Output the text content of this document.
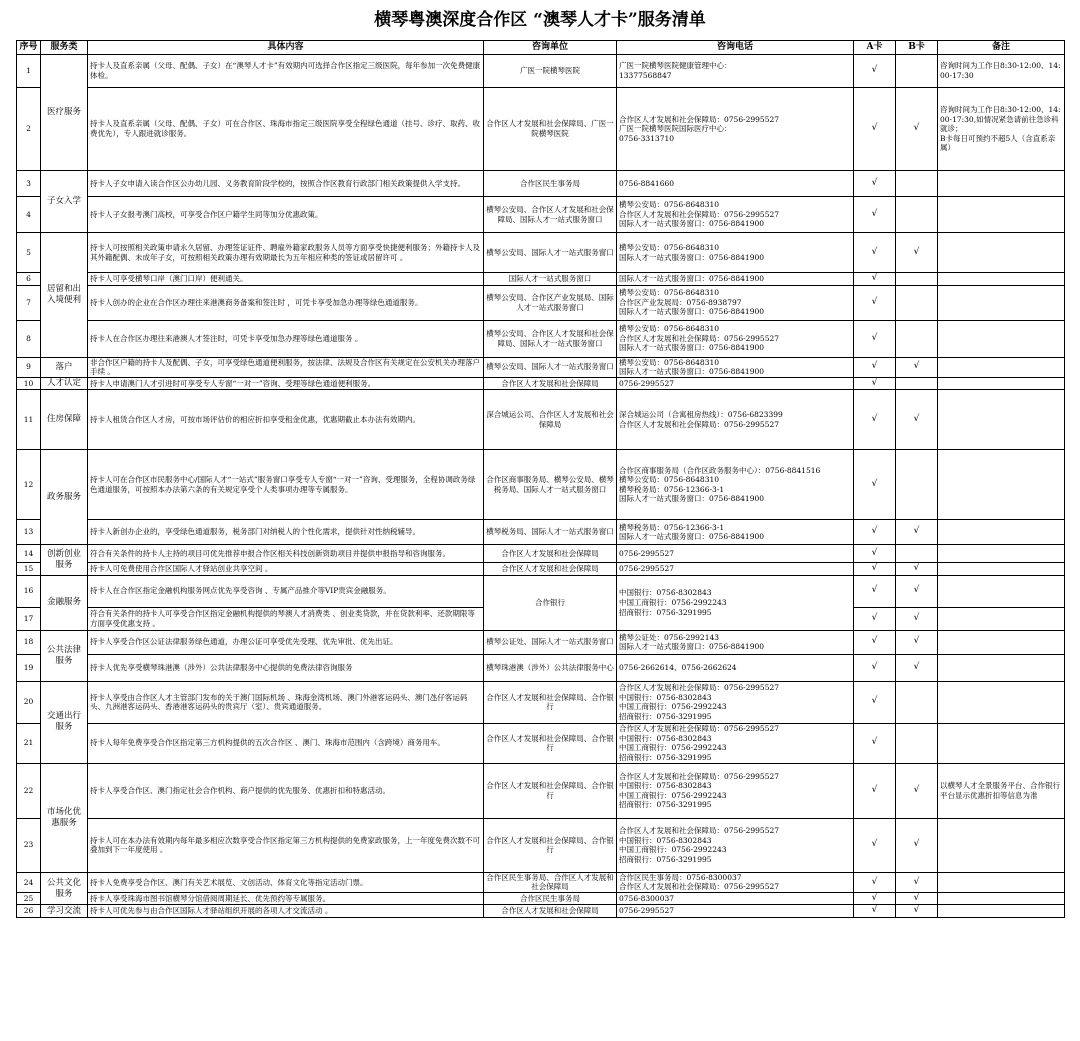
横琴粤澳深度合作区 “澳琴人才卡”服务清单
序号	服务类	具体内容	咨询单位	咨询电话	A卡	B卡	备注
1	医疗服务	持卡人及直系亲属（父母、配偶、子女）在“澳琴人才卡”有效期内可选择合作区指定三级医院，每年参加一次免费健康体检。	广医一院横琴医院	广医一院横琴医院健康管理中心：
13377568847	√		咨询时间为工作日8:30-12:00、14:00-17:30
2		持卡人及直系亲属（父母、配偶、子女）可在合作区、珠海市指定三级医院享受全程绿色通道（挂号、诊疗、取药、收费优先），专人跟进就诊服务。	合作区人才发展和社会保障局、广医一院横琴医院	合作区人才发展和社会保障局：0756-2995527
广医一院横琴医院国际医疗中心：
0756-3313710	√	√	咨询时间为工作日8:30-12:00、14:00-17:30,如情况紧急请前往急诊科就诊；
B卡每日可预约不超5人（含直系亲属）
3	子女入学	持卡人子女申请入读合作区公办幼儿园、义务教育阶段学校的，按照合作区教育行政部门相关政策提供入学支持。	合作区民生事务局	0756-8841660	√		
4		持卡人子女报考澳门高校，可享受合作区户籍学生同等加分优惠政策。	横琴公安局、合作区人才发展和社会保障局、国际人才一站式服务窗口	横琴公安局：0756-8648310
合作区人才发展和社会保障局：0756-2995527
国际人才一站式服务窗口：0756-8841900	√		
5	居留和出入境便利	持卡人可按照相关政策申请永久居留、办理签证证件、聘雇外籍家政服务人员等方面享受快捷便利服务；外籍持卡人及其外籍配偶、未成年子女，可按照相关政策办理有效期最长为五年相应种类的签证或居留许可 。	横琴公安局、国际人才一站式服务窗口	横琴公安局：0756-8648310
国际人才一站式服务窗口：0756-8841900	√	√	
6		持卡人可享受横琴口岸（澳门口岸）便利通关。	国际人才一站式服务窗口	国际人才一站式服务窗口：0756-8841900	√		
7		持卡人创办的企业在合作区办理往来港澳商务备案和签注时 ，可凭卡享受加急办理等绿色通道服务。	横琴公安局、合作区产业发展局、国际人才一站式服务窗口	横琴公安局：0756-8648310
合作区产业发展局：0756-8938797
国际人才一站式服务窗口：0756-8841900	√		
8		持卡人在合作区办理往来港澳人才签注时，可凭卡享受加急办理等绿色通道服务 。	横琴公安局、合作区人才发展和社会保障局、国际人才一站式服务窗口	横琴公安局：0756-8648310
合作区人才发展和社会保障局：0756-2995527
国际人才一站式服务窗口：0756-8841900	√		
9	落户	非合作区户籍的持卡人及配偶、子女，可享受绿色通道便利服务，按法律、法规及合作区有关规定在公安机关办理落户手续 。	横琴公安局、国际人才一站式服务窗口	横琴公安局：0756-8648310
国际人才一站式服务窗口：0756-8841900	√	√	
10	人才认定	持卡人申请澳门人才引进时可享受专人专窗“一对一”咨询、受理等绿色通道便利服务。	合作区人才发展和社会保障局	0756-2995527	√		
11	住房保障	持卡人租赁合作区人才房，可按市场评估价的相应折扣享受租金优惠，优惠期截止本办法有效期内。	深合城运公司、合作区人才发展和社会保障局	深合城运公司（合寓租房热线）：0756-6823399
合作区人才发展和社会保障局：0756-2995527	√	√	
12	政务服务	持卡人可在合作区市民服务中心/国际人才“一站式”服务窗口享受专人专窗“一对一”咨询、受理服务，全程协调政务绿色通道服务，可按照本办法第六条的有关规定享受个人类事项办理等专属服务。	合作区商事服务局、横琴公安局、横琴税务局、国际人才一站式服务窗口	合作区商事服务局（合作区政务服务中心）：0756-8841516
横琴公安局：0756-8648310
横琴税务局：0756-12366-3-1
国际人才一站式服务窗口：0756-8841900	√		
13		持卡人新创办企业的，享受绿色通道服务，税务部门对纳税人的个性化需求，提供针对性纳税辅导。	横琴税务局、国际人才一站式服务窗口	横琴税务局：0756-12366-3-1
国际人才一站式服务窗口：0756-8841900	√	√	
14	创新创业服务	符合有关条件的持卡人主持的项目可优先推荐申报合作区相关科技创新资助项目并提供申报指导和咨询服务。	合作区人才发展和社会保障局	0756-2995527	√		
15		持卡人可免费使用合作区国际人才驿站创业共享空间 。	合作区人才发展和社会保障局	0756-2995527	√	√	
16	金融服务	持卡人在合作区指定金融机构服务网点优先享受咨询 、专属产品推介等VIP贵宾金融服务。	合作银行	中国银行：0756-8302843
中国工商银行：0756-2992243
招商银行：0756-3291995	√	√	
17		符合有关条件的持卡人可享受合作区指定金融机构提供的琴澳人才消费类 、创业类贷款，并在贷款利率、还款期限等方面享受优惠支持 。			√	√	
18	公共法律服务	持卡人享受合作区公证法律服务绿色通道，办理公证可享受优先受理、优先审批、优先出证。	横琴公证处、国际人才一站式服务窗口	横琴公证处：0756-2992143
国际人才一站式服务窗口：0756-8841900	√	√	
19		持卡人优先享受横琴珠港澳（涉外）公共法律服务中心提供的免费法律咨询服务	横琴珠港澳（涉外）公共法律服务中心	0756-2662614、0756-2662624	√	√	
20	交通出行服务	持卡人享受由合作区人才主管部门发布的关于澳门国际机场 、珠海金湾机场、澳门外港客运码头、澳门氹仔客运码头、九洲港客运码头、香港港客运码头的贵宾厅（室）、贵宾通道服务。	合作区人才发展和社会保障局、合作银行	合作区人才发展和社会保障局：0756-2995527
中国银行：0756-8302843
中国工商银行：0756-2992243
招商银行：0756-3291995	√		
21		持卡人每年免费享受合作区指定第三方机构提供的五次合作区 、澳门、珠海市范围内（含跨境）商务用车。	合作区人才发展和社会保障局、合作银行	合作区人才发展和社会保障局：0756-2995527
中国银行：0756-8302843
中国工商银行：0756-2992243
招商银行：0756-3291995	√		
22	市场化优惠服务	持卡人享受合作区、澳门指定社会合作机构、商户提供的优先服务、优惠折扣和特惠活动。	合作区人才发展和社会保障局、合作银行	合作区人才发展和社会保障局：0756-2995527
中国银行：0756-8302843
中国工商银行：0756-2992243
招商银行：0756-3291995	√	√	以横琴人才全景服务平台、合作银行平台显示优惠折扣等信息为准
23		持卡人可在本办法有效期内每年最多相应次数享受合作区指定第三方机构提供的免费家政服务，上一年度免费次数不可叠加到下一年度使用 。	合作区人才发展和社会保障局、合作银行	合作区人才发展和社会保障局：0756-2995527
中国银行：0756-8302843
中国工商银行：0756-2992243
招商银行：0756-3291995	√	√	
24	公共文化服务	持卡人免费享受合作区、澳门有关艺术展览、文创活动、体育文化等指定活动门票。	合作区民生事务局、合作区人才发展和社会保障局	合作区民生事务局：0756-8300037
合作区人才发展和社会保障局：0756-2995527	√	√	
25		持卡人享受珠海市图书馆横琴分馆借阅周期延长、优先预约等专属服务。	合作区民生事务局	0756-8300037	√	√	
26	学习交流	持卡人可优先参与由合作区国际人才驿站组织开展的各项人才交流活动 。	合作区人才发展和社会保障局	0756-2995527	√	√	
